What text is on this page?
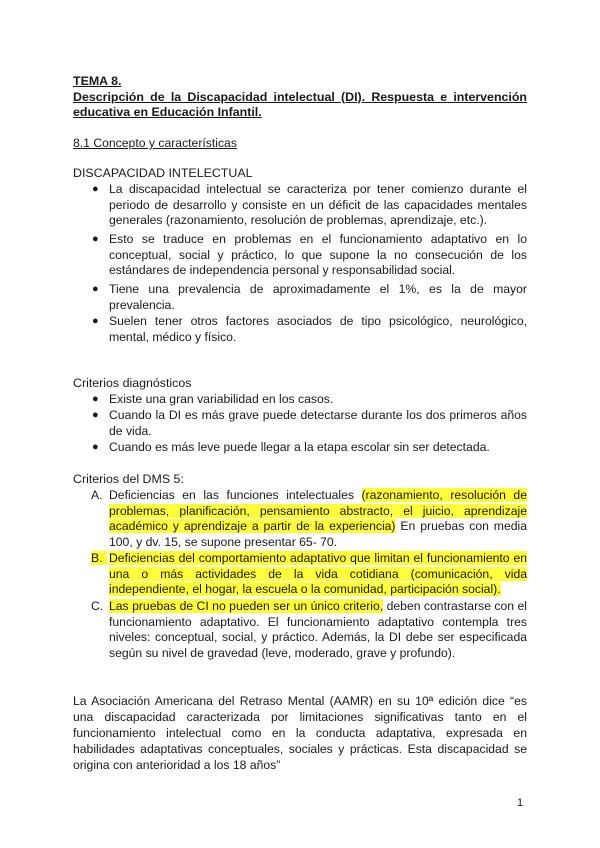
TEMA 8.
Descripción de la Discapacidad intelectual (DI). Respuesta e intervención educativa en Educación Infantil.
8.1 Concepto y características
DISCAPACIDAD INTELECTUAL
● La discapacidad intelectual se caracteriza por tener comienzo durante el periodo de desarrollo y consiste en un déficit de las capacidades mentales generales (razonamiento, resolución de problemas, aprendizaje, etc.).
● Esto se traduce en problemas en el funcionamiento adaptativo en lo conceptual, social y práctico, lo que supone la no consecución de los estándares de independencia personal y responsabilidad social.
● Tiene una prevalencia de aproximadamente el 1%, es la de mayor prevalencia.
● Suelen tener otros factores asociados de tipo psicológico, neurológico, mental, médico y físico.
Criterios diagnósticos
● Existe una gran variabilidad en los casos.
● Cuando la DI es más grave puede detectarse durante los dos primeros años de vida.
● Cuando es más leve puede llegar a la etapa escolar sin ser detectada.
Criterios del DMS 5:
A. Deficiencias en las funciones intelectuales (razonamiento, resolución de problemas, planificación, pensamiento abstracto, el juicio, aprendizaje académico y aprendizaje a partir de la experiencia) En pruebas con media 100, y dv. 15, se supone presentar 65- 70.
B. Deficiencias del comportamiento adaptativo que limitan el funcionamiento en una o más actividades de la vida cotidiana (comunicación, vida independiente, el hogar, la escuela o la comunidad, participación social).
C. Las pruebas de CI no pueden ser un único criterio, deben contrastarse con el funcionamiento adaptativo. El funcionamiento adaptativo contempla tres niveles: conceptual, social, y práctico. Además, la DI debe ser especificada según su nivel de gravedad (leve, moderado, grave y profundo).
La Asociación Americana del Retraso Mental (AAMR) en su 10ª edición dice “es una discapacidad caracterizada por limitaciones significativas tanto en el funcionamiento intelectual como en la conducta adaptativa, expresada en habilidades adaptativas conceptuales, sociales y prácticas. Esta discapacidad se origina con anterioridad a los 18 años”
1
